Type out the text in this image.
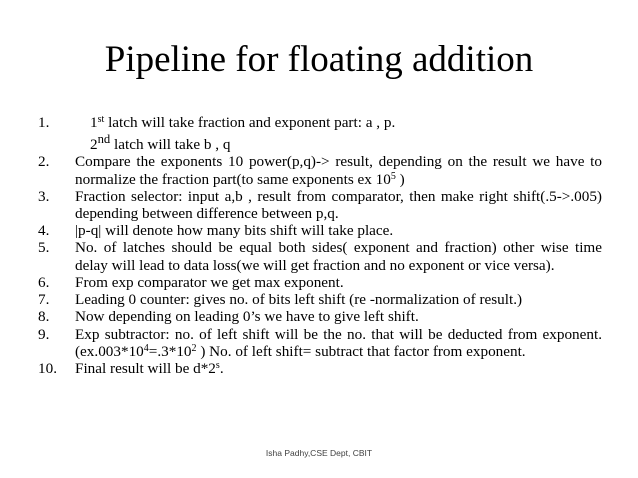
Pipeline for floating addition
1.	1st latch will take fraction and exponent part: a , p.
2nd latch will take b , q
2. Compare the exponents 10 power(p,q)-> result, depending on the result we have to normalize the fraction part(to same exponents ex $10^5$ )
3. Fraction selector: input a,b , result from comparator, then make right shift(.5->.005) depending between difference between p,q.
4. |p-q| will denote how many bits shift will take place.
5. No. of latches should be equal both sides( exponent and fraction) other wise time delay will lead to data loss(we will get fraction and no exponent or vice versa).
6. From exp comparator we get max exponent.
7. Leading 0 counter: gives no. of bits left shift (re -normalization of result.)
8. Now depending on leading 0’s we have to give left shift.
9. Exp subtractor: no. of left shift will be the no. that will be deducted from $exponent.(ex.003*10^4=.3*10^2$ ) No. of left shift= subtract that factor from exponent.
10. Final result will be d*2$^s$.
Isha Padhy,CSE Dept, CBIT
